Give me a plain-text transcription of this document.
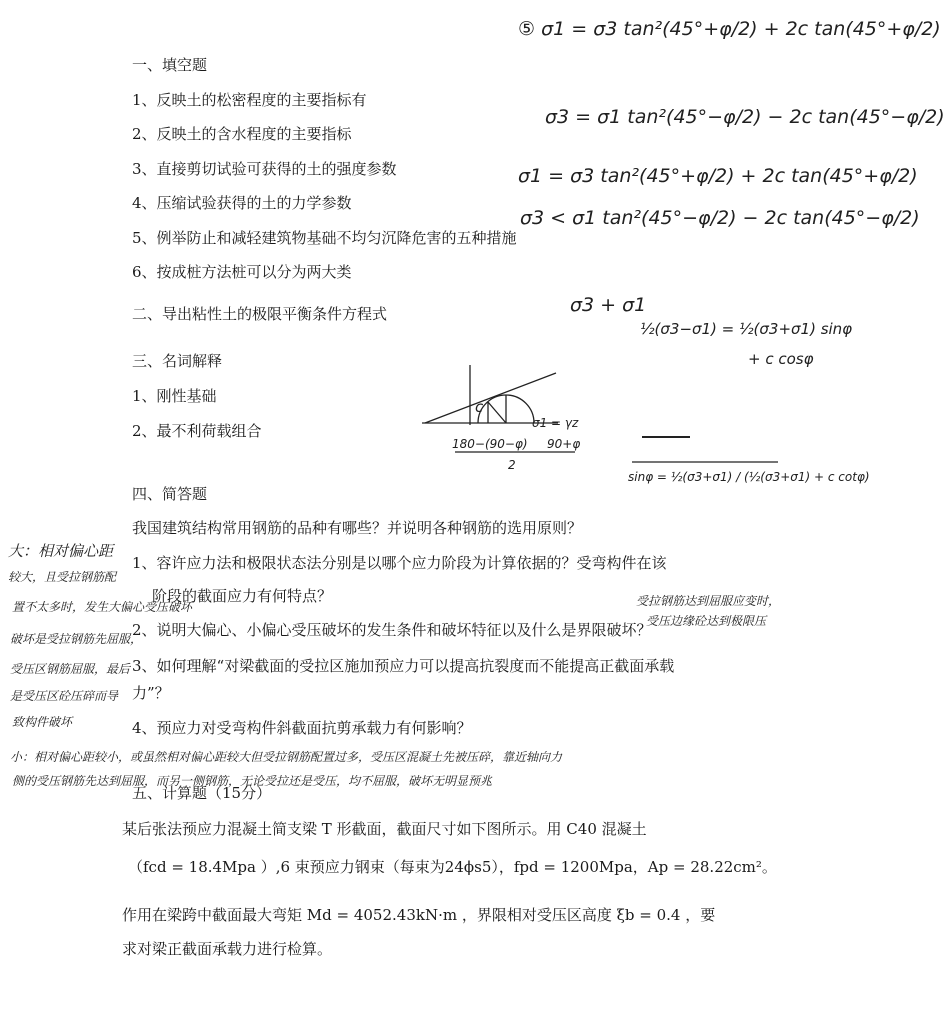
一、填空题
1、反映土的松密程度的主要指标有
2、反映土的含水程度的主要指标
3、直接剪切试验可获得的土的强度参数
4、压缩试验获得的土的力学参数
5、例举防止和减轻建筑物基础不均匀沉降危害的五种措施
6、按成桩方法桩可以分为两大类
二、导出粘性土的极限平衡条件方程式
三、名词解释
1、刚性基础
2、最不利荷载组合
四、简答题
我国建筑结构常用钢筋的品种有哪些？并说明各种钢筋的选用原则？
1、容许应力法和极限状态法分别是以哪个应力阶段为计算依据的？受弯构件在该
阶段的截面应力有何特点？
2、说明大偏心、小偏心受压破坏的发生条件和破坏特征以及什么是界限破坏？
3、如何理解“对梁截面的受拉区施加预应力可以提高抗裂度而不能提高正截面承载
力”？
4、预应力对受弯构件斜截面抗剪承载力有何影响？
五、计算题（15分）
某后张法预应力混凝土简支梁 T 形截面，截面尺寸如下图所示。用 C40 混凝土
（fcd = 18.4Mpa ）,6 束预应力钢束（每束为24ϕs5），fpd = 1200Mpa，Ap = 28.22cm²。
作用在梁跨中截面最大弯矩 Md = 4052.43kN·m ，界限相对受压区高度 ξb = 0.4 ，要
求对梁正截面承载力进行检算。
⑤ σ1 = σ3 tan²(45°+φ/2) + 2c tan(45°+φ/2)
σ3 = σ1 tan²(45°−φ/2) − 2c tan(45°−φ/2)
σ1 = σ3 tan²(45°+φ/2) + 2c tan(45°+φ/2)
σ3 < σ1 tan²(45°−φ/2) − 2c tan(45°−φ/2)
σ3 + σ1
½(σ3−σ1) = ½(σ3+σ1) sinφ
+ c cosφ
sinφ = ½(σ3+σ1) / (½(σ3+σ1) + c cotφ)
c
σ1 = γz
180−(90−φ) 90+φ
2
大：相对偏心距
较大，且受拉钢筋配
置不太多时，发生大偏心受压破坏
破坏是受拉钢筋先屈服，
受压区钢筋屈服，最后
是受压区砼压碎而导
致构件破坏
受拉钢筋达到屈服应变时，
受压边缘砼达到极限压
小：相对偏心距较小，或虽然相对偏心距较大但受拉钢筋配置过多，受压区混凝土先被压碎，靠近轴向力
侧的受压钢筋先达到屈服，而另一侧钢筋，无论受拉还是受压，均不屈服，破坏无明显预兆
